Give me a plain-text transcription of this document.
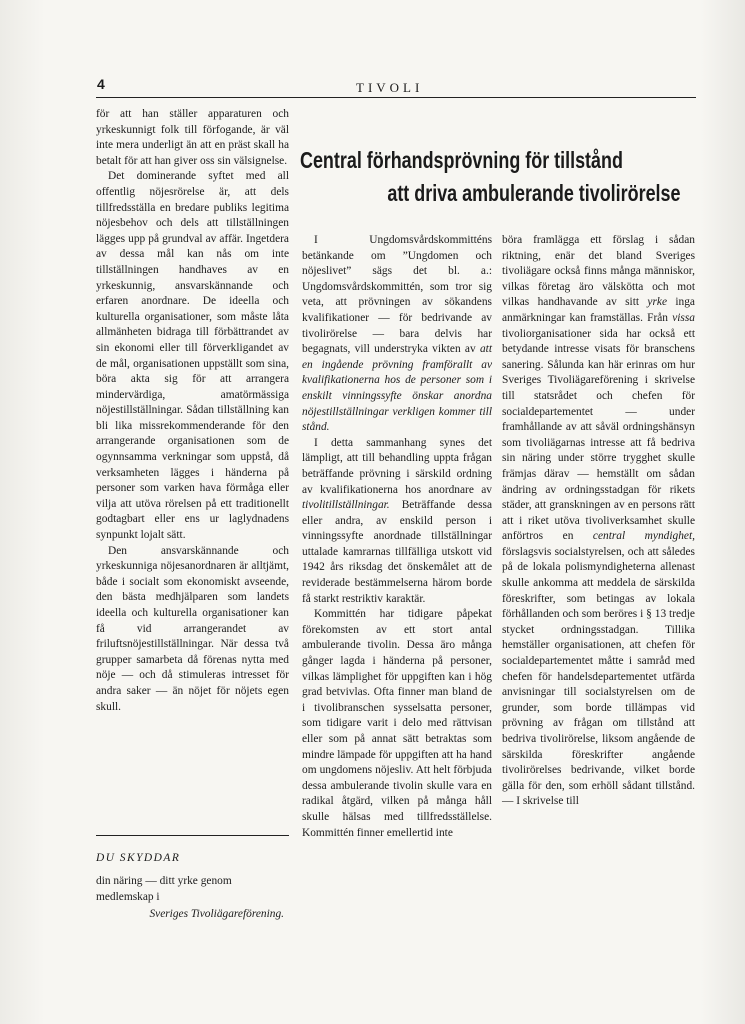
4	TIVOLI

för att han ställer apparaturen och yrkeskunnigt folk till förfogande, är väl inte mera underligt än att en präst skall ha betalt för att han giver oss sin välsignelse.

Det dominerande syftet med all offentlig nöjesrörelse är, att dels tillfredsställa en bredare publiks legitima nöjesbehov och dels att tillställningen lägges upp på grundval av affär. Ingetdera av dessa mål kan nås om inte tillställningen handhaves av en yrkeskunnig, ansvarskännande och erfaren anordnare. De ideella och kulturella organisationer, som måste låta allmänheten bidraga till förbättrandet av sin ekonomi eller till förverkligandet av de mål, organisationen uppställt som sina, böra akta sig för att arrangera mindervärdiga, amatörmässiga nöjestillställningar. Sådan tillställning kan bli lika missrekommenderande för den arrangerande organisationen som de ogynnsamma verkningar som uppstå, då verksamheten lägges i händerna på personer som varken hava förmåga eller vilja att utöva rörelsen på ett traditionellt godtagbart eller ens ur laglydnadens synpunkt lojalt sätt.

Den ansvarskännande och yrkeskunniga nöjesanordnaren är alltjämt, både i socialt som ekonomiskt avseende, den bästa medhjälparen som landets ideella och kulturella organisationer kan få vid arrangerandet av friluftsnöjestillställningar. När dessa två grupper samarbeta då förenas nytta med nöje — och då stimuleras intresset för andra saker — än nöjet för nöjets egen skull.

DU SKYDDAR
din näring — ditt yrke genom medlemskap i
Sveriges Tivoliägareförening.
Central förhandsprövning för tillstånd
att driva ambulerande tivolirörelse

I Ungdomsvårdskommitténs betänkande om ”Ungdomen och nöjeslivet” sägs det bl. a.: Ungdomsvårdskommittén, som tror sig veta, att prövningen av sökandens kvalifikationer — för bedrivande av tivolirörelse — bara delvis har begagnats, vill understryka vikten av att en ingående prövning framförallt av kvalifikationerna hos de personer som i enskilt vinningssyfte önskar anordna nöjestillställningar verkligen kommer till stånd.

I detta sammanhang synes det lämpligt, att till behandling uppta frågan beträffande prövning i särskild ordning av kvalifikationerna hos anordnare av tivolitillställningar. Beträffande dessa eller andra, av enskild person i vinningssyfte anordnade tillställningar uttalade kamrarnas tillfälliga utskott vid 1942 års riksdag det önskemålet att de reviderade bestämmelserna härom borde få starkt restriktiv karaktär.

Kommittén har tidigare påpekat förekomsten av ett stort antal ambulerande tivolin. Dessa äro många gånger lagda i händerna på personer, vilkas lämplighet för uppgiften kan i hög grad betvivlas. Ofta finner man bland de i tivolibranschen sysselsatta personer, som tidigare varit i delo med rättvisan eller som på annat sätt betraktas som mindre lämpade för uppgiften att ha hand om ungdomens nöjesliv. Att helt förbjuda dessa ambulerande tivolin skulle vara en radikal åtgärd, vilken på många håll skulle hälsas med tillfredsställelse. Kommittén finner emellertid inte

böra framlägga ett förslag i sådan riktning, enär det bland Sveriges tivoliägare också finns många människor, vilkas företag äro välskötta och mot vilkas handhavande av sitt yrke inga anmärkningar kan framställas. Från vissa tivoliorganisationer sida har också ett betydande intresse visats för branschens sanering. Sålunda kan här erinras om hur Sveriges Tivoliägareförening i skrivelse till statsrådet och chefen för socialdepartementet — under framhållande av att såväl ordningshänsyn som tivoliägarnas intresse att få bedriva sin näring under större trygghet skulle främjas därav — hemställt om sådan ändring av ordningsstadgan för rikets städer, att granskningen av en persons rätt att i riket utöva tivoliverksamhet skulle anförtros en central myndighet, förslagsvis socialstyrelsen, och att således på de lokala polismyndigheterna allenast skulle ankomma att meddela de särskilda föreskrifter, som betingas av lokala förhållanden och som beröres i § 13 tredje stycket ordningsstadgan. Tillika hemställer organisationen, att chefen för socialdepartementet måtte i samråd med chefen för handelsdepartementet utfärda anvisningar till socialstyrelsen om de grunder, som borde tillämpas vid prövning av frågan om tillstånd att bedriva tivolirörelse, liksom angående de särskilda föreskrifter angående tivolirörelses bedrivande, vilket borde gälla för den, som erhöll sådant tillstånd. — I skrivelse till
